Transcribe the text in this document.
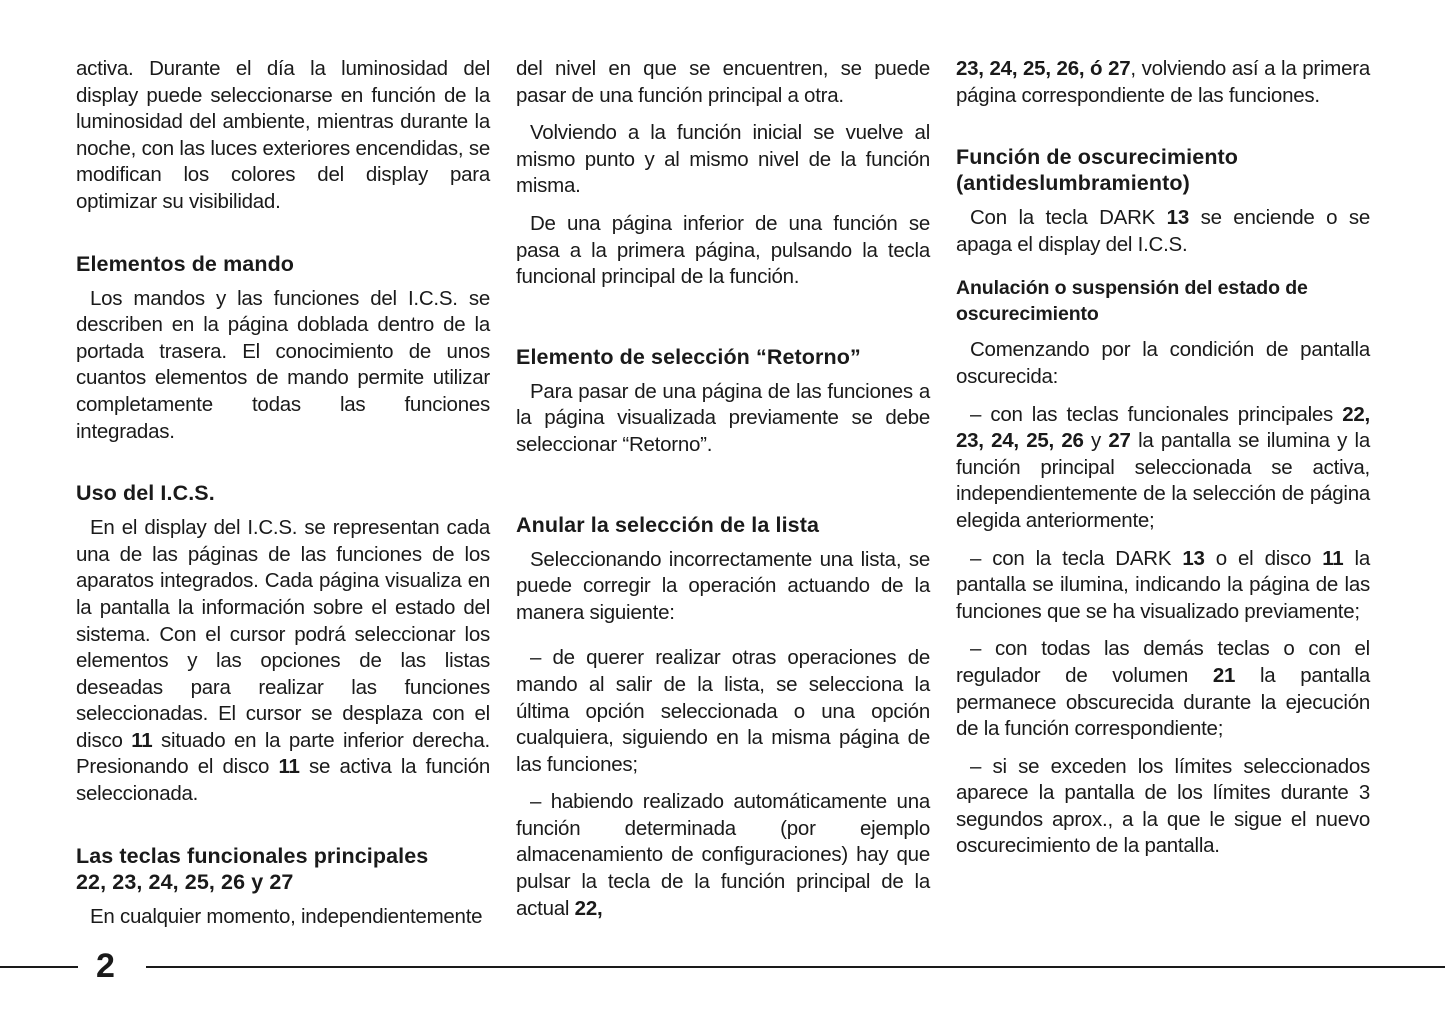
activa. Durante el día la luminosidad del display puede seleccionarse en función de la luminosidad del ambiente, mientras durante la noche, con las luces exteriores encendidas, se modifican los colores del display para optimizar su visibilidad.

Elementos de mando

Los mandos y las funciones del I.C.S. se describen en la página doblada dentro de la portada trasera. El conocimiento de unos cuantos elementos de mando permite utilizar completamente todas las funciones integradas.

Uso del I.C.S.

En el display del I.C.S. se representan cada una de las páginas de las funciones de los aparatos integrados. Cada página visualiza en la pantalla la información sobre el estado del sistema. Con el cursor podrá seleccionar los elementos y las opciones de las listas deseadas para realizar las funciones seleccionadas. El cursor se desplaza con el disco 11 situado en la parte inferior derecha. Presionando el disco 11 se activa la función seleccionada.

Las teclas funcionales principales
22, 23, 24, 25, 26 y 27

En cualquier momento, independientemente

del nivel en que se encuentren, se puede pasar de una función principal a otra.

Volviendo a la función inicial se vuelve al mismo punto y al mismo nivel de la función misma.

De una página inferior de una función se pasa a la primera página, pulsando la tecla funcional principal de la función.

Elemento de selección “Retorno”

Para pasar de una página de las funciones a la página visualizada previamente se debe seleccionar “Retorno”.

Anular la selección de la lista

Seleccionando incorrectamente una lista, se puede corregir la operación actuando de la manera siguiente:

– de querer realizar otras operaciones de mando al salir de la lista, se selecciona la última opción seleccionada o una opción cualquiera, siguiendo en la misma página de las funciones;

– habiendo realizado automáticamente una función determinada (por ejemplo almacenamiento de configuraciones) hay que pulsar la tecla de la función principal de la actual 22,

23, 24, 25, 26, ó 27, volviendo así a la primera página correspondiente de las funciones.

Función de oscurecimiento (antideslumbramiento)

Con la tecla DARK 13 se enciende o se apaga el display del I.C.S.

Anulación o suspensión del estado de oscurecimiento

Comenzando por la condición de pantalla oscurecida:

– con las teclas funcionales principales 22, 23, 24, 25, 26 y 27 la pantalla se ilumina y la función principal seleccionada se activa, independientemente de la selección de página elegida anteriormente;

– con la tecla DARK 13 o el disco 11 la pantalla se ilumina, indicando la página de las funciones que se ha visualizado previamente;

– con todas las demás teclas o con el regulador de volumen 21 la pantalla permanece obscurecida durante la ejecución de la función correspondiente;

– si se exceden los límites seleccionados aparece la pantalla de los límites durante 3 segundos aprox., a la que le sigue el nuevo oscurecimiento de la pantalla.

2
